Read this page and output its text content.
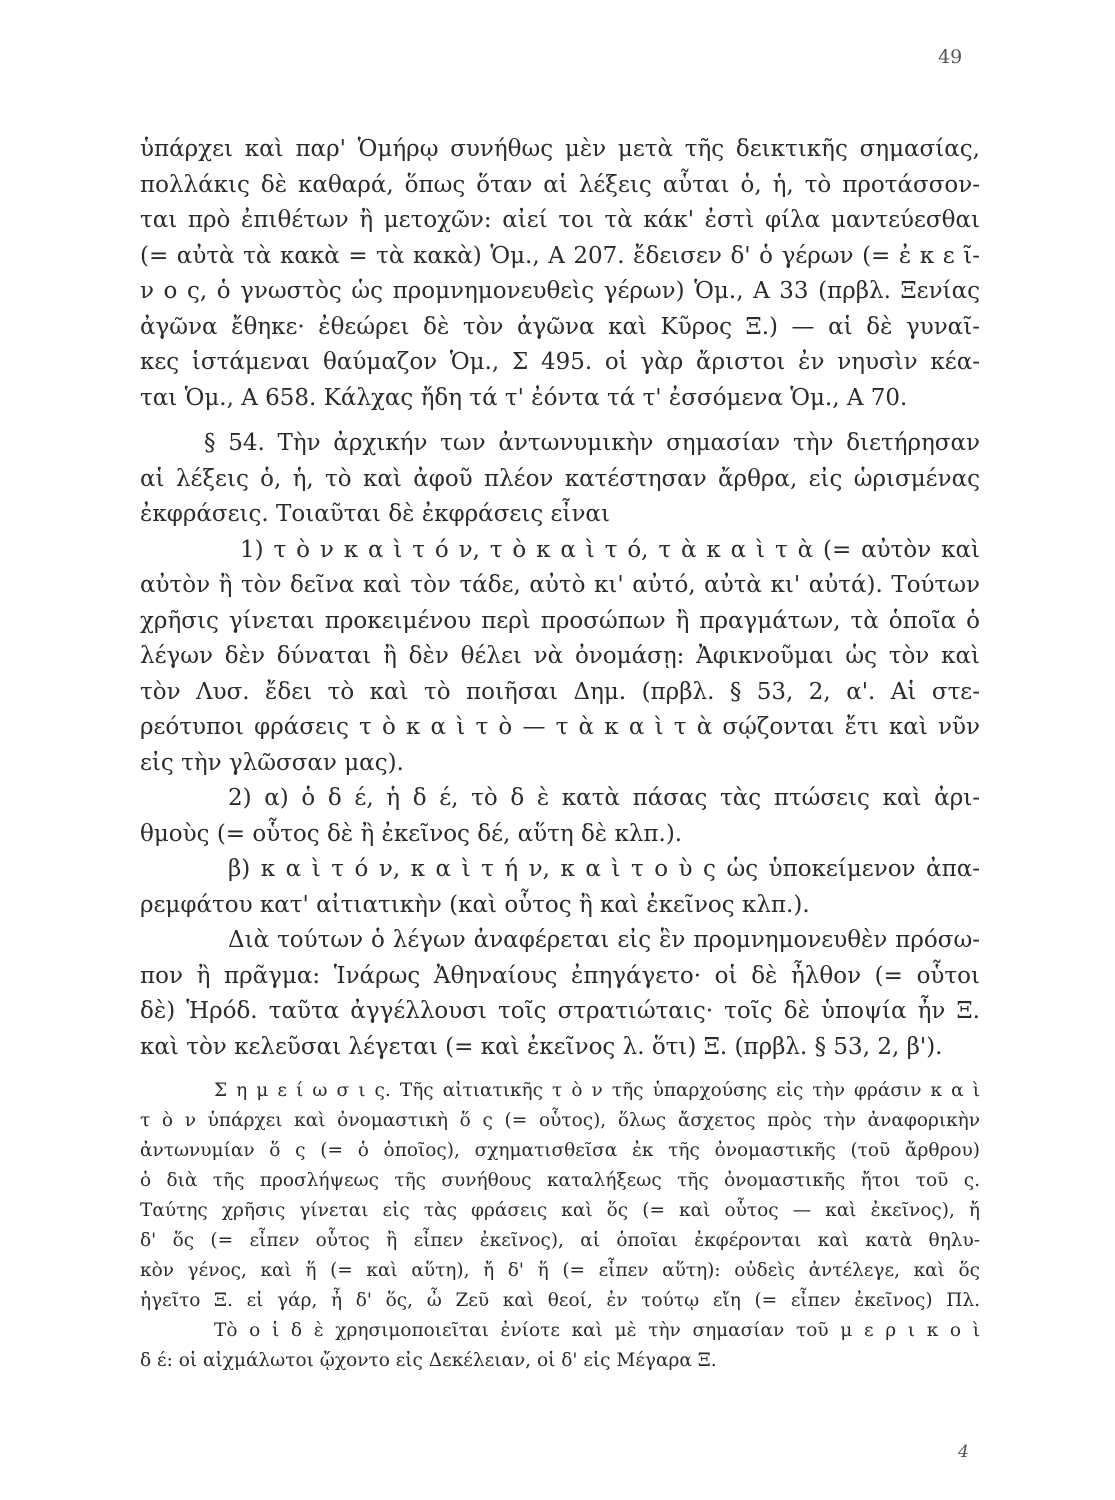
49
ὑπάρχει καὶ παρ' Ὁμήρῳ συνήθως μὲν μετὰ τῆς δεικτικῆς σημασίας,
πολλάκις δὲ καθαρά, ὅπως ὅταν αἱ λέξεις αὗται ὁ, ἡ, τὸ προτάσσον-
ται πρὸ ἐπιθέτων ἢ μετοχῶν: αἰεί τοι τὰ κάκ' ἐστὶ φίλα μαντεύεσθαι
(= αὐτὰ τὰ κακὰ = τὰ κακὰ) Ὁμ., Α 207. ἔδεισεν δ' ὁ γέρων (= ἐ κ ε ῖ-
ν ο ς, ὁ γνωστὸς ὡς προμνημονευθεὶς γέρων) Ὁμ., Α 33 (πρβλ. Ξενίας
ἀγῶνα ἔθηκε· ἐθεώρει δὲ τὸν ἀγῶνα καὶ Κῦρος Ξ.) — αἱ δὲ γυναῖ-
κες ἱστάμεναι θαύμαζον Ὁμ., Σ 495. οἱ γὰρ ἄριστοι ἐν νηυσὶν κέα-
ται Ὁμ., Α 658. Κάλχας ἤδη τά τ' ἐόντα τά τ' ἐσσόμενα Ὁμ., Α 70.
§ 54. Τὴν ἀρχικήν των ἀντωνυμικὴν σημασίαν τὴν διετήρησαν
αἱ λέξεις ὁ, ἡ, τὸ καὶ ἀφοῦ πλέον κατέστησαν ἄρθρα, εἰς ὡρισμένας
ἐκφράσεις. Τοιαῦται δὲ ἐκφράσεις εἶναι
1) τ ὸ ν κ α ὶ τ ό ν, τ ὸ κ α ὶ τ ό, τ ὰ κ α ὶ τ ὰ (= αὐτὸν καὶ
αὐτὸν ἢ τὸν δεῖνα καὶ τὸν τάδε, αὐτὸ κι' αὐτό, αὐτὰ κι' αὐτά). Τούτων
χρῆσις γίνεται προκειμένου περὶ προσώπων ἢ πραγμάτων, τὰ ὁποῖα ὁ
λέγων δὲν δύναται ἢ δὲν θέλει νὰ ὀνομάσῃ: Ἀφικνοῦμαι ὡς τὸν καὶ
τὸν Λυσ. ἔδει τὸ καὶ τὸ ποιῆσαι Δημ. (πρβλ. § 53, 2, α'. Αἱ στε-
ρεότυποι φράσεις τ ὸ κ α ὶ τ ὸ — τ ὰ κ α ὶ τ ὰ σῴζονται ἔτι καὶ νῦν
εἰς τὴν γλῶσσαν μας).
2) α) ὁ δ έ, ἡ δ έ, τὸ δ ὲ κατὰ πάσας τὰς πτώσεις καὶ ἀρι-
θμοὺς (= οὗτος δὲ ἢ ἐκεῖνος δέ, αὕτη δὲ κλπ.).
β) κ α ὶ τ ό ν, κ α ὶ τ ή ν, κ α ὶ τ ο ὺ ς ὡς ὑποκείμενον ἀπα-
ρεμφάτου κατ' αἰτιατικὴν (καὶ οὗτος ἢ καὶ ἐκεῖνος κλπ.).
Διὰ τούτων ὁ λέγων ἀναφέρεται εἰς ἓν προμνημονευθὲν πρόσω-
πον ἢ πρᾶγμα: Ἱνάρως Ἀθηναίους ἐπηγάγετο· οἱ δὲ ἦλθον (= οὗτοι
δὲ) Ἡρόδ. ταῦτα ἀγγέλλουσι τοῖς στρατιώταις· τοῖς δὲ ὑποψία ἦν Ξ.
καὶ τὸν κελεῦσαι λέγεται (= καὶ ἐκεῖνος λ. ὅτι) Ξ. (πρβλ. § 53, 2, β').
Σ η μ ε ί ω σ ι ς. Τῆς αἰτιατικῆς τ ὸ ν τῆς ὑπαρχούσης εἰς τὴν φράσιν κ α ὶ
τ ὸ ν ὑπάρχει καὶ ὀνομαστικὴ ὅ ς (= οὗτος), ὅλως ἄσχετος πρὸς τὴν ἀναφορικὴν
ἀντωνυμίαν ὅ ς (= ὁ ὁποῖος), σχηματισθεῖσα ἐκ τῆς ὀνομαστικῆς (τοῦ ἄρθρου)
ὁ διὰ τῆς προσλήψεως τῆς συνήθους καταλήξεως τῆς ὀνομαστικῆς ἤτοι τοῦ ς.
Ταύτης χρῆσις γίνεται εἰς τὰς φράσεις καὶ ὅς (= καὶ οὗτος — καὶ ἐκεῖνος), ἤ
δ' ὅς (= εἶπεν οὗτος ἢ εἶπεν ἐκεῖνος), αἱ ὁποῖαι ἐκφέρονται καὶ κατὰ θηλυ-
κὸν γένος, καὶ ἥ (= καὶ αὕτη), ἤ δ' ἥ (= εἶπεν αὕτη): οὐδεὶς ἀντέλεγε, καὶ ὅς
ἡγεῖτο Ξ. εἰ γάρ, ἦ δ' ὅς, ὦ Ζεῦ καὶ θεοί, ἐν τούτῳ εἴη (= εἶπεν ἐκεῖνος) Πλ.
Τὸ ο ἱ δ ὲ χρησιμοποιεῖται ἐνίοτε καὶ μὲ τὴν σημασίαν τοῦ μ ε ρ ι κ ο ὶ
δ έ: οἱ αἰχμάλωτοι ᾤχοντο εἰς Δεκέλειαν, οἱ δ' εἰς Μέγαρα Ξ.
4
